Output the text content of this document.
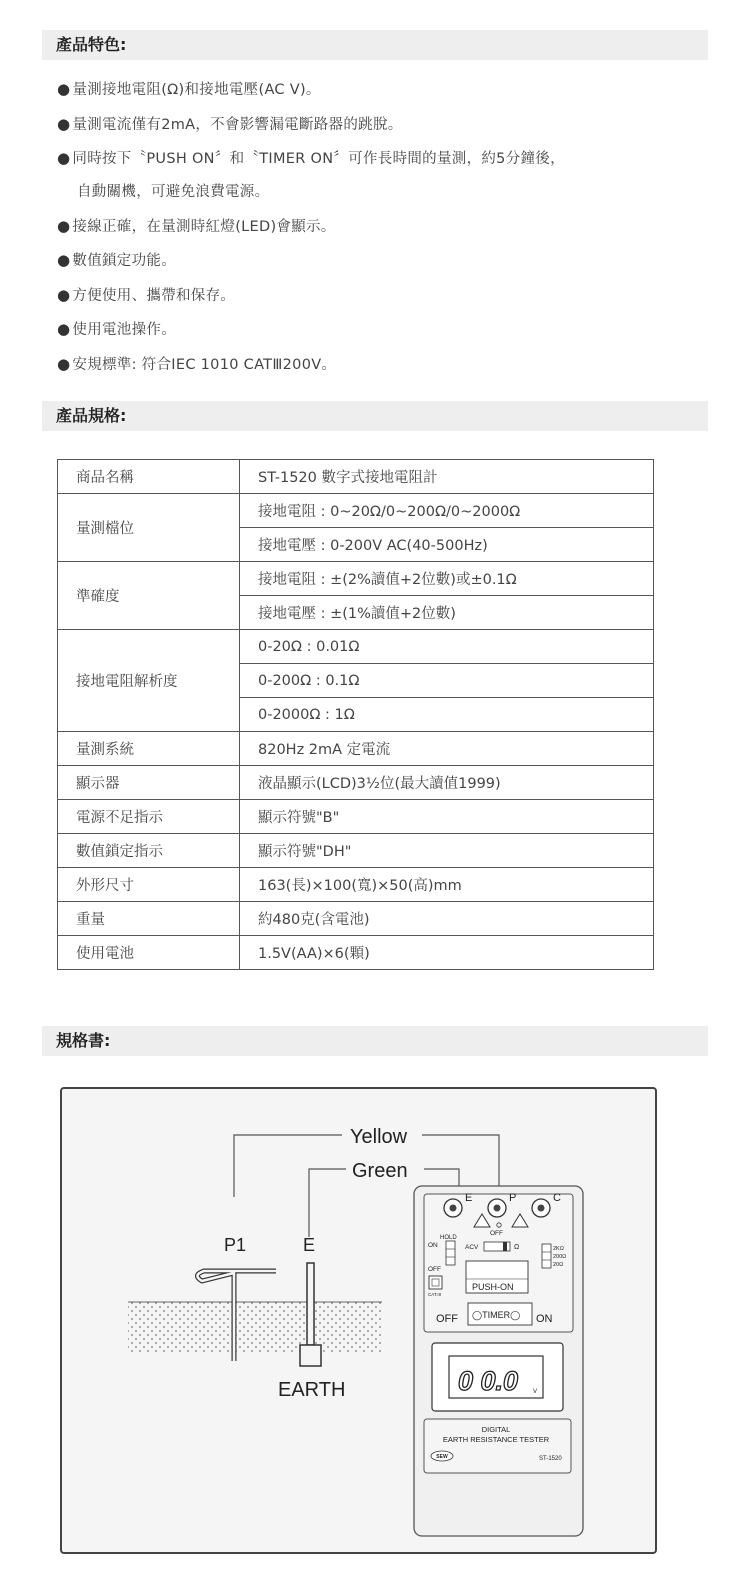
產品特色:
● 量測接地電阻(Ω)和接地電壓(AC V)。
● 量測電流僅有2mA，不會影響漏電斷路器的跳脫。
● 同時按下〝PUSH ON〞和〝TIMER ON〞可作長時間的量測，約5分鐘後，
自動關機，可避免浪費電源。
● 接線正確，在量測時紅燈(LED)會顯示。
● 數值鎖定功能。
● 方便使用、攜帶和保存。
● 使用電池操作。
● 安規標準: 符合IEC 1010 CATⅢ200V。
產品規格:
商品名稱	ST-1520 數字式接地電阻計
量測檔位	接地電阻 : 0~20Ω/0~200Ω/0~2000Ω
	接地電壓 : 0-200V AC(40-500Hz)
準確度	接地電阻 : ±(2%讀值+2位數)或±0.1Ω
	接地電壓 : ±(1%讀值+2位數)
接地電阻解析度	0-20Ω : 0.01Ω
	0-200Ω : 0.1Ω
	0-2000Ω : 1Ω
量測系統	820Hz 2mA 定電流
顯示器	液晶顯示(LCD)3½位(最大讀值1999)
電源不足指示	顯示符號"B"
數值鎖定指示	顯示符號"DH"
外形尺寸	163(長)×100(寬)×50(高)mm
重量	約480克(含電池)
使用電池	1.5V(AA)×6(顆)
規格書:
Yellow
Green
P1	E
EARTH
E	P	C
HOLD
ON
OFF
OFF
ACV	Ω	2KΩ
200Ω
20Ω
PUSH-ON
CAT.III
OFF ◯TIMER◯ ON
0 0.0 V
DIGITAL
EARTH RESISTANCE TESTER
SEW	ST-1520
